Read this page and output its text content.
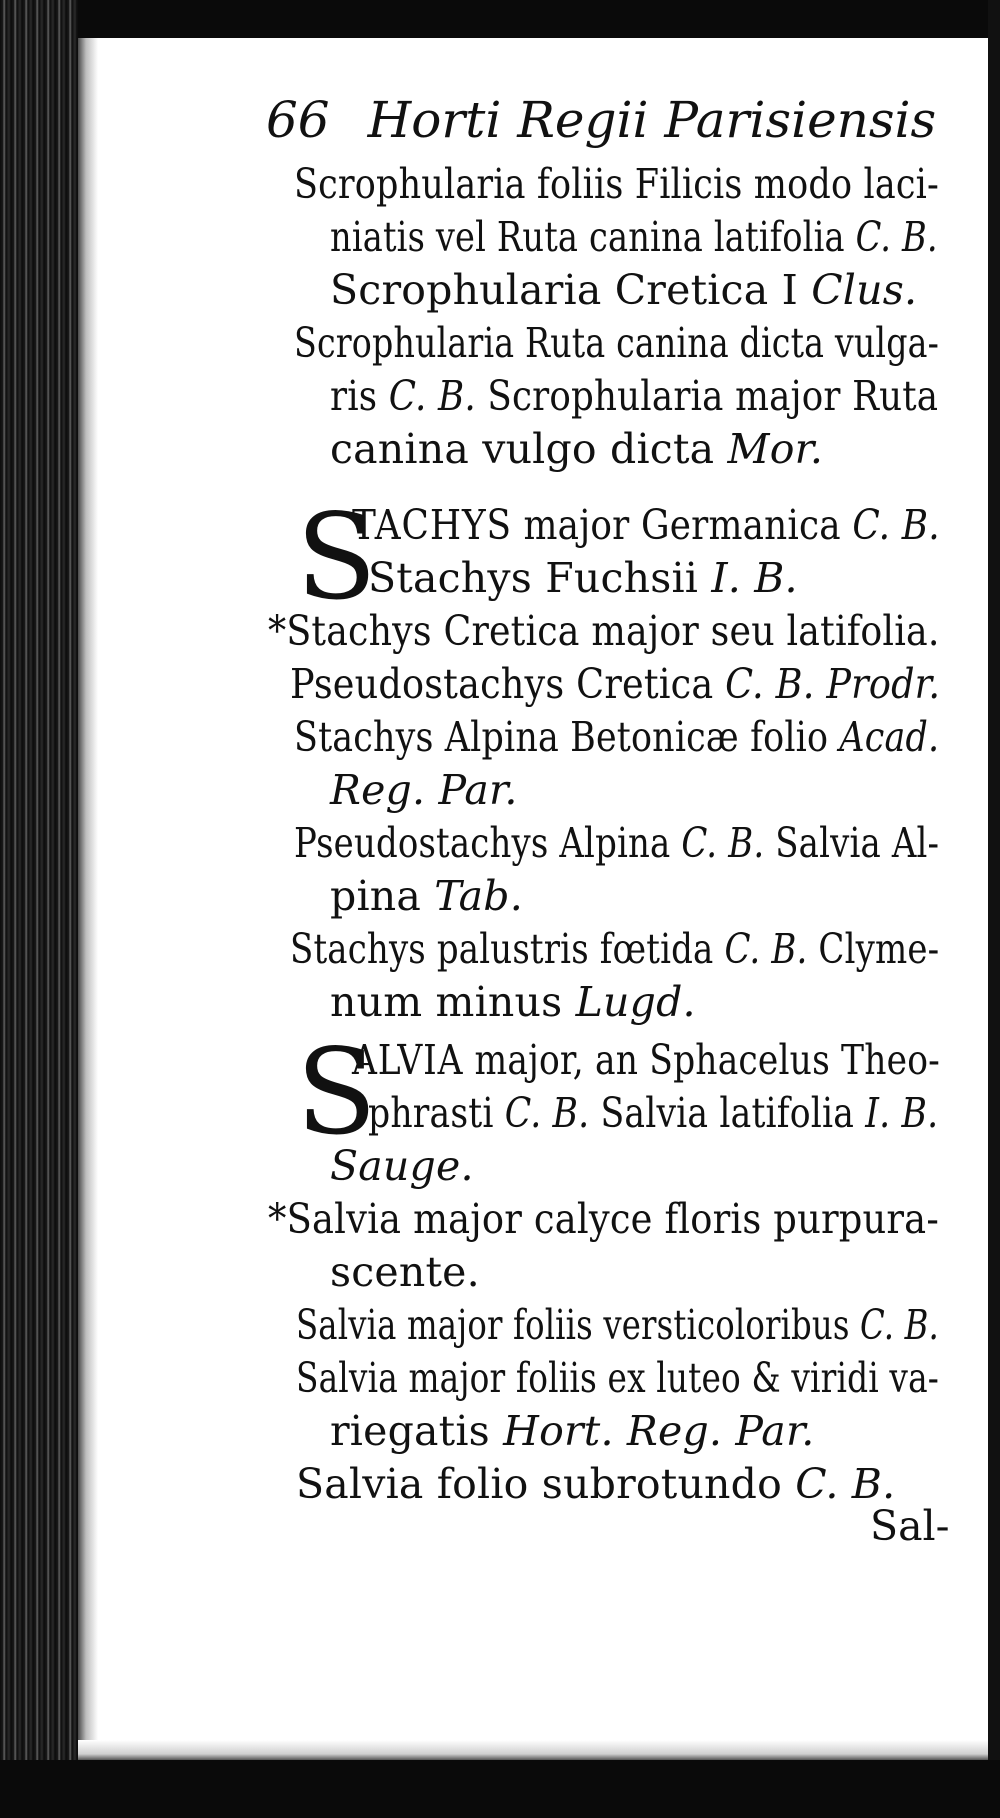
66 Horti Regii Parisiensis
S
S
Scrophularia foliis Filicis modo laci-
niatis vel Ruta canina latifolia C. B.
Scrophularia Cretica I Clus.
Scrophularia Ruta canina dicta vulga-
ris C. B. Scrophularia major Ruta
canina vulgo dicta Mor.
TACHYS major Germanica C. B.
Stachys Fuchsii I. B.
*Stachys Cretica major seu latifolia.
Pseudostachys Cretica C. B. Prodr.
Stachys Alpina Betonicæ folio Acad.
Reg. Par.
Pseudostachys Alpina C. B. Salvia Al-
pina Tab.
Stachys palustris fœtida C. B. Clyme-
num minus Lugd.
ALVIA major, an Sphacelus Theo-
phrasti C. B. Salvia latifolia I. B.
Sauge.
*Salvia major calyce floris purpura-
scente.
Salvia major foliis versticoloribus C. B.
Salvia major foliis ex luteo & viridi va-
riegatis Hort. Reg. Par.
Salvia folio subrotundo C. B.
Sal-
